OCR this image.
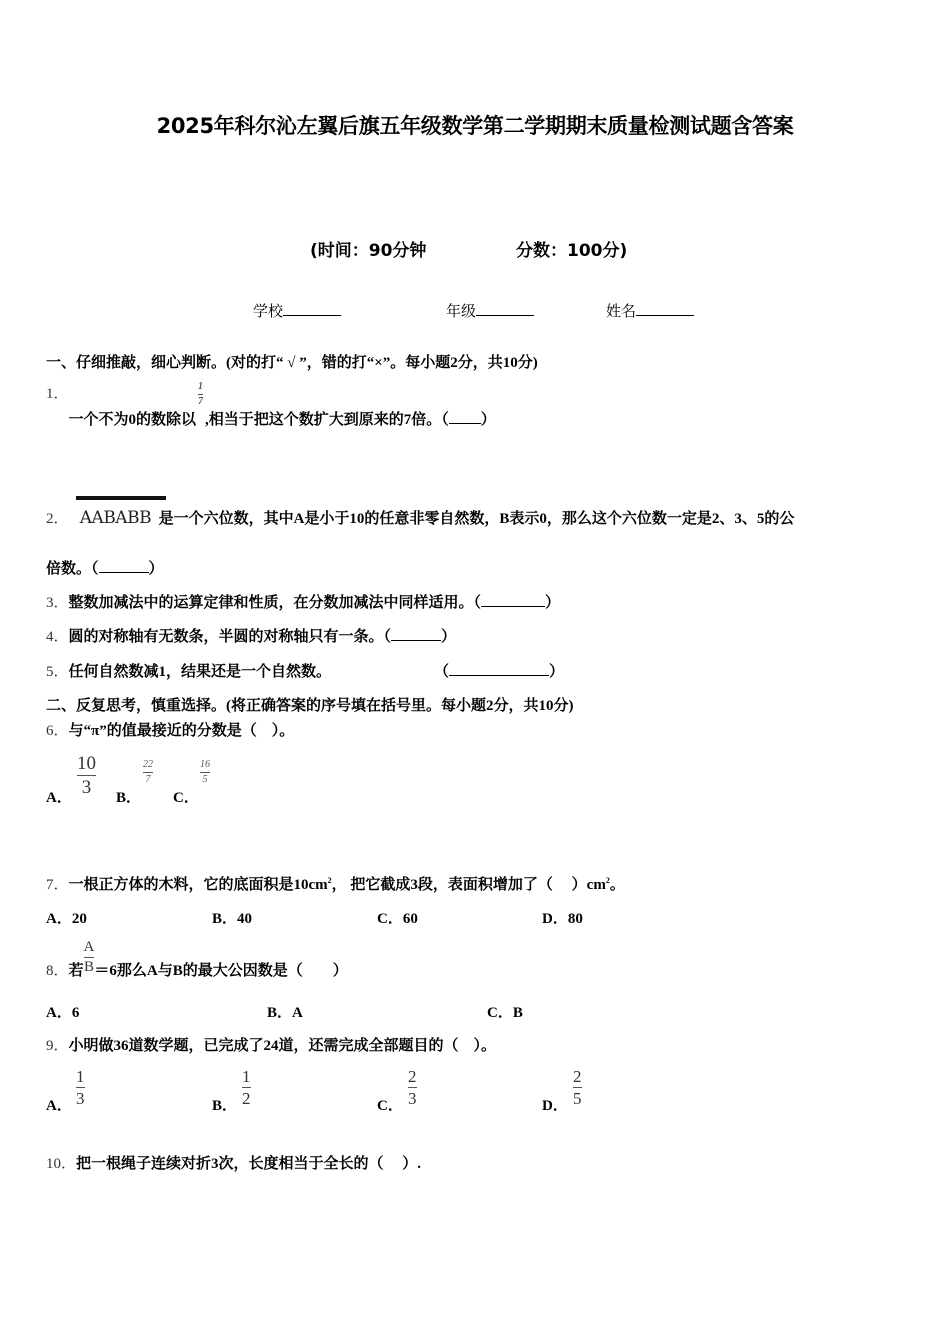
2025年科尔沁左翼后旗五年级数学第二学期期末质量检测试题含答案
(时间：90分钟	分数：100分)
学校	年级	姓名
一、仔细推敲，细心判断。(对的打“ √ ”，错的打“×”。每小题2分，共10分)
1．一个不为0的数除以
$\frac{1}{7}$
,相当于把这个数扩大到原来的7倍。（ ）
2． AABABB 是一个六位数，其中A是小于10的任意非零自然数，B表示0，那么这个六位数一定是2、3、5的公
倍数。（	）
3．整数加减法中的运算定律和性质，在分数加减法中同样适用。（	）
4．圆的对称轴有无数条，半圆的对称轴只有一条。（	）
5．任何自然数减1，结果还是一个自然数。	（	）
二、反复思考，慎重选择。(将正确答案的序号填在括号里。每小题2分，共10分)
6．与“π”的值最接近的分数是（　）。
A．
$\frac{10}{3}$
B．
$\frac{22}{7}$
C．
$\frac{16}{5}$
7．一根正方体的木料，它的底面积是$10cm^2$， 把它截成3段，表面积增加了（　 ）$cm^2$。
A．20	B．40	C．60	D．80
8．若 $\frac{A}{B} =6$那么A与B的最大公因数是（　　）
A．6	B．A	C．B
9．小明做36道数学题，已完成了24道，还需完成全部题目的（　）。
A． $\frac{1}{3}$	B． $\frac{1}{2}$	C． $\frac{2}{3}$	D． $\frac{2}{5}$
10．把一根绳子连续对折3次，长度相当于全长的（　 ）.
